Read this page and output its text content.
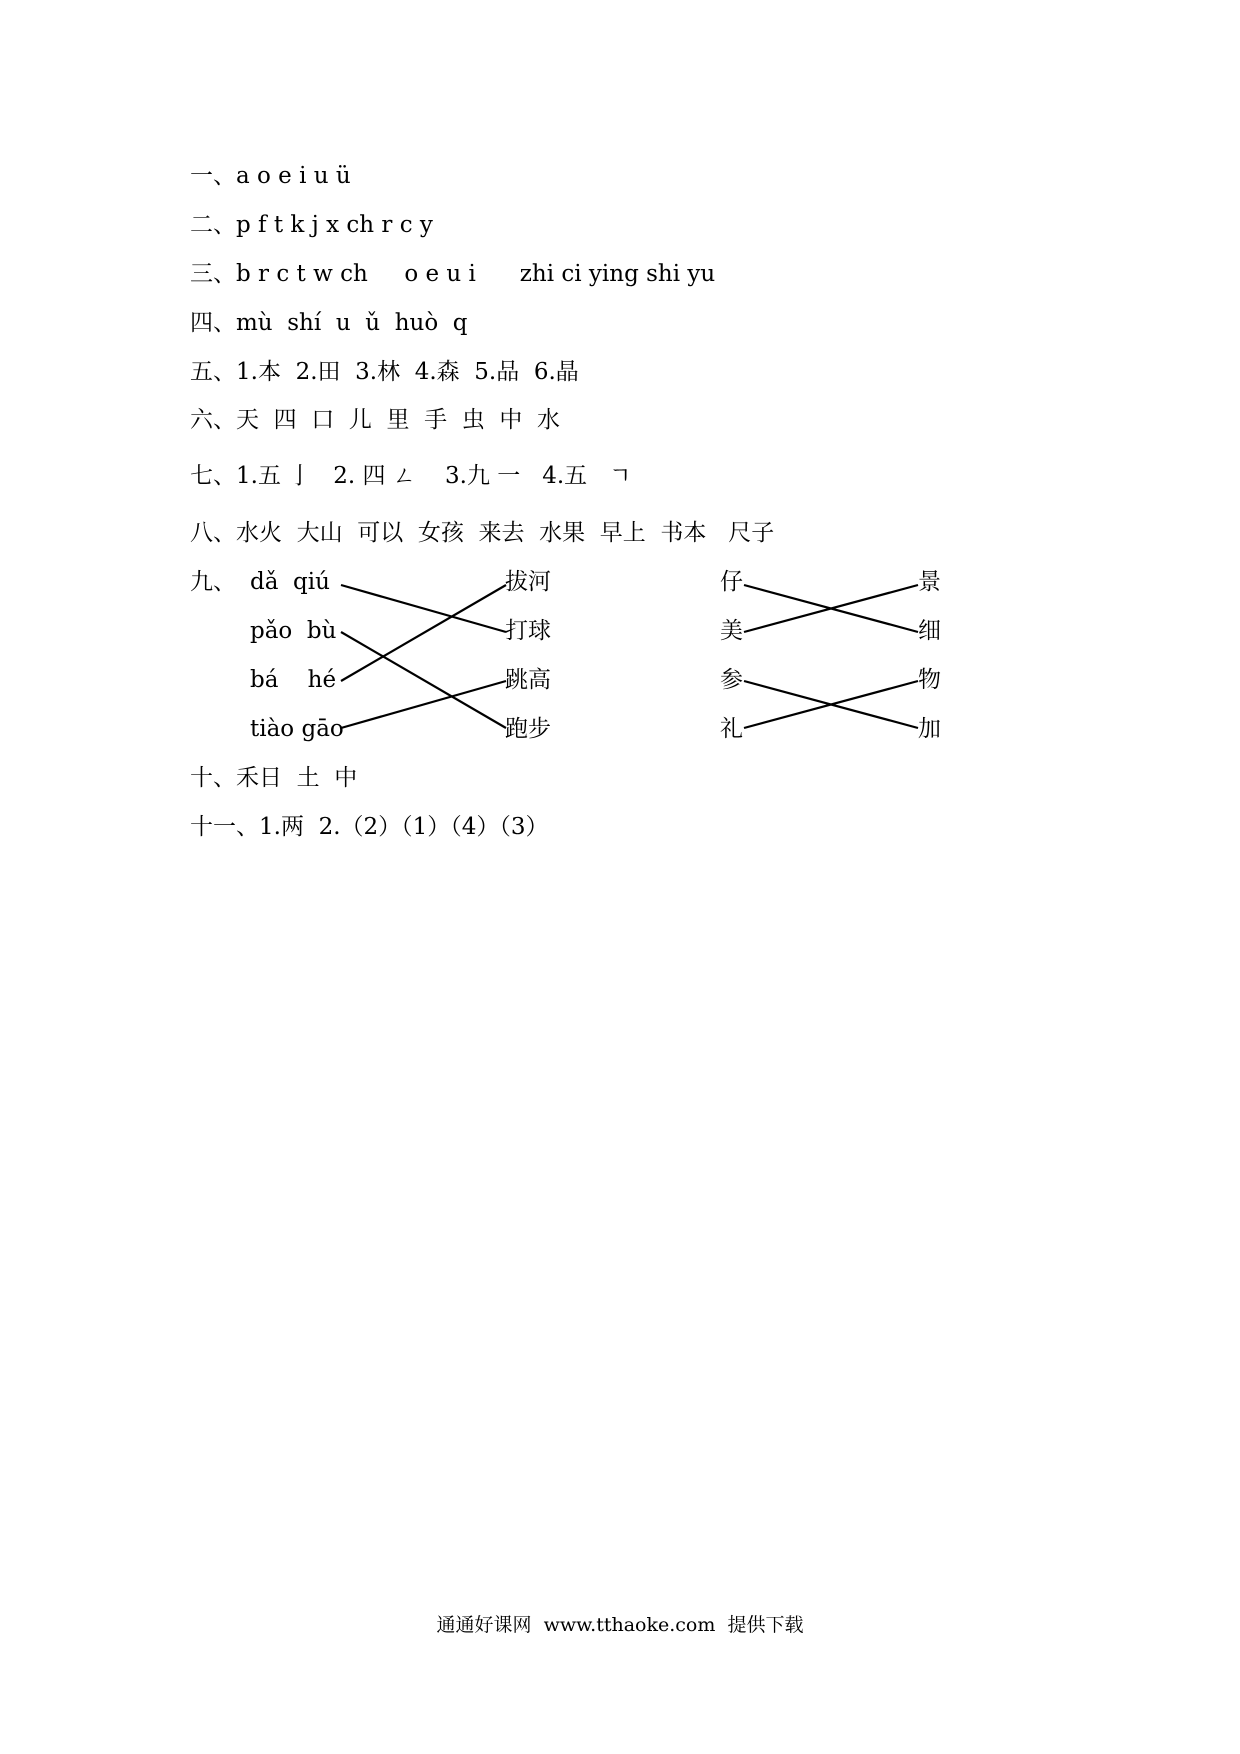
一、a o e i u ü
二、p f t k j x ch r c y
三、b r c t w ch     o e u i      zhi ci ying shi yu
四、mù  shí  u  ǔ  huò  q
五、1.本  2.田  3.林  4.森  5.品  6.晶
六、天  四  口  儿  里  手  虫  中  水
七、1.五 亅   2. 四 ㄥ    3.九 一   4.五   ㄱ
八、水火  大山  可以  女孩  来去  水果  早上  书本   尺子
九、 dǎ  qiú
pǎo  bù
bá    hé
tiào gāo
拔河
打球
跳高
跑步
仔
美
参
礼
景
细
物
加
十、禾日  土  中
十一、1.两  2.（2）（1）（4）（3）
通通好课网  www.tthaoke.com  提供下载
